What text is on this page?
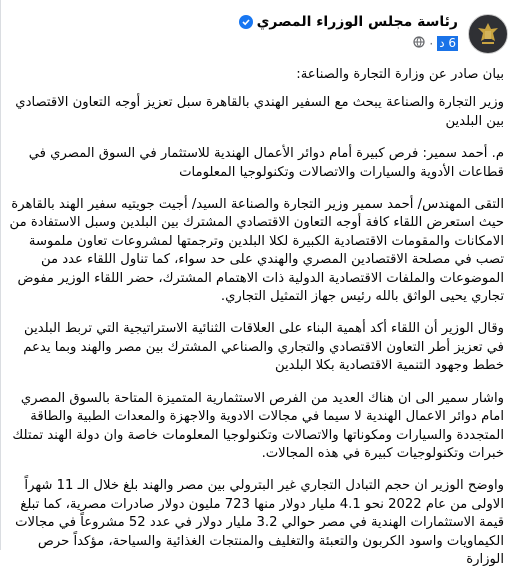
رئاسة مجلس الوزراء المصري
6 د
·

بيان صادر عن وزارة التجارة والصناعة:

وزير التجارة والصناعة يبحث مع السفير الهندي بالقاهرة سبل تعزيز أوجه التعاون الاقتصادي بين البلدين

م. أحمد سمير: فرص كبيرة أمام دوائر الأعمال الهندية للاستثمار في السوق المصري في قطاعات الأدوية والسيارات والاتصالات وتكنولوجيا المعلومات

التقى المهندس/ أحمد سمير وزير التجارة والصناعة السيد/ أجيت جويتيه سفير الهند بالقاهرة حيث استعرض اللقاء كافة أوجه التعاون الاقتصادي المشترك بين البلدين وسبل الاستفادة من الامكانات والمقومات الاقتصادية الكبيرة لكلا البلدين وترجمتها لمشروعات تعاون ملموسة تصب في مصلحة الاقتصادين المصري والهندي على حد سواء، كما تناول اللقاء عدد من الموضوعات والملفات الاقتصادية الدولية ذات الاهتمام المشترك، حضر اللقاء الوزير مفوض تجاري يحيى الواثق بالله رئيس جهاز التمثيل التجاري.

وقال الوزير أن اللقاء أكد أهمية البناء على العلاقات الثنائية الاستراتيجية التي تربط البلدين في تعزيز أطر التعاون الاقتصادي والتجاري والصناعي المشترك بين مصر والهند وبما يدعم خطط وجهود التنمية الاقتصادية بكلا البلدين

واشار سمير الى ان هناك العديد من الفرص الاستثمارية المتميزة المتاحة بالسوق المصري امام دوائر الاعمال الهندية لا سيما في مجالات الادوية والاجهزة والمعدات الطبية والطاقة المتجددة والسيارات ومكوناتها والاتصالات وتكنولوجيا المعلومات خاصة وان دولة الهند تمتلك خبرات وتكنولوجيات كبيرة في هذه المجالات.

واوضح الوزير ان حجم التبادل التجاري غير البترولي بين مصر والهند بلغ خلال الـ 11 شهراً الاولى من عام 2022 نحو 4.1 مليار دولار منها 723 مليون دولار صادرات مصرية، كما تبلغ قيمة الاستثمارات الهندية في مصر حوالي 3.2 مليار دولار في عدد 52 مشروعاً في مجالات الكيماويات واسود الكربون والتعبئة والتغليف والمنتجات الغذائية والسياحة، مؤكداً حرص الوزارة
